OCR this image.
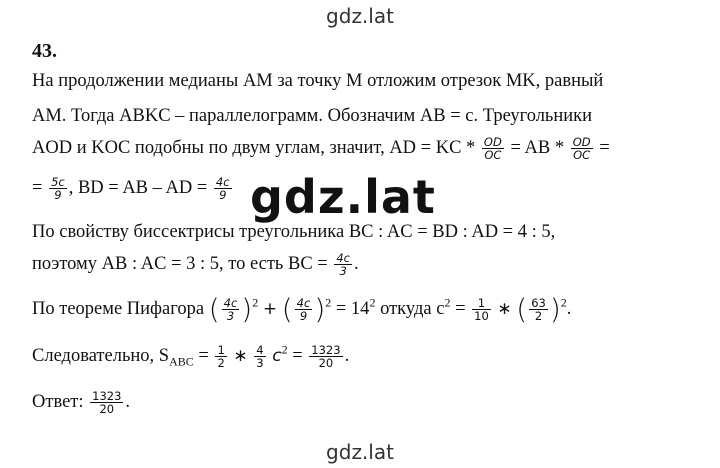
gdz.lat
43.
На продолжении медианы AM за точку M отложим отрезок MK, равный
AM. Тогда ABKC – параллелограмм. Обозначим AB = c. Треугольники
AOD и KOC подобны по двум углам, значит, AD = KC * $\frac{OD}{OC}$ = AB * $\frac{OD}{OC}$ =
= $\frac{5c}{9}$ , BD = AB – AD = $\frac{4c}{9} gdz.lat$
По свойству биссектрисы треугольника BC : AC = BD : AD = 4 : 5,
поэтому AB : AC = 3 : 5, то есть BC = $\frac{4c}{3}$ .
По теореме Пифагора ( $\frac{4c}{3} )^2$ + ( $\frac{4c}{9} )^2 = 14^2$ откуда $c^2 = \frac{1}{10}$ ∗ ( $\frac{63}{2} )^2$.
Следовательно, $S_{ABC} = \frac{1}{2}$ ∗ $\frac{4}{3} c^2 = \frac{1323}{20}$ .
Ответ: $\frac{1323}{20}$ .
gdz.lat
